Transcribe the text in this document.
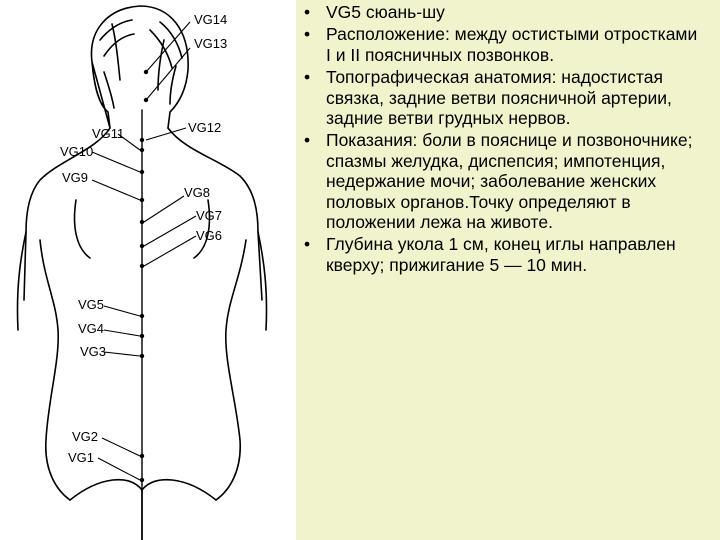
VG14
VG13
VG12
VG11
VG10
VG9
VG8
VG7
VG6
VG5
VG4
VG3
VG2
VG1
• VG5 сюань-шу
• Расположение: между остистыми отростками I и II поясничных позвонков.
• Топографическая анатомия: надостистая связка, задние ветви поясничной артерии, задние ветви грудных нервов.
• Показания: боли в пояснице и позвоночнике; спазмы желудка, диспепсия; импотенция, недержание мочи; заболевание женских половых органов.Точку определяют в положении лежа на животе.
• Глубина укола 1 см, конец иглы направлен кверху; прижигание 5 — 10 мин.
